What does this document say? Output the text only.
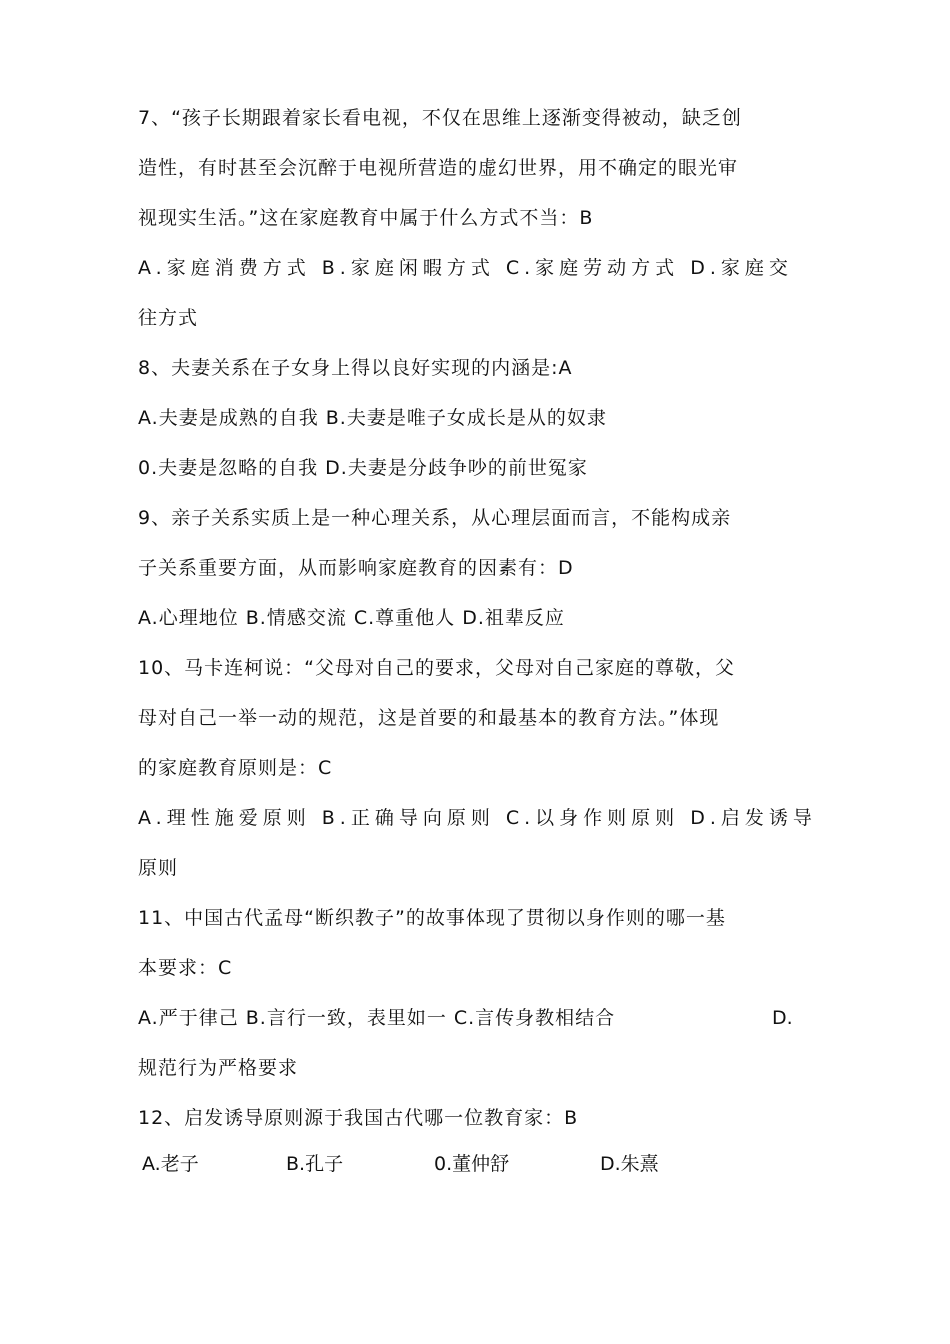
7、“孩子长期跟着家长看电视，不仅在思维上逐渐变得被动，缺乏创
造性，有时甚至会沉醉于电视所营造的虚幻世界，用不确定的眼光审
视现实生活。”这在家庭教育中属于什么方式不当：B
A.家庭消费方式 B.家庭闲暇方式 C.家庭劳动方式 D.家庭交
往方式
8、夫妻关系在子女身上得以良好实现的内涵是:A
A.夫妻是成熟的自我 B.夫妻是唯子女成长是从的奴隶
0.夫妻是忽略的自我 D.夫妻是分歧争吵的前世冤家
9、亲子关系实质上是一种心理关系，从心理层面而言，不能构成亲
子关系重要方面，从而影响家庭教育的因素有：D
A.心理地位 B.情感交流 C.尊重他人 D.祖辈反应
10、马卡连柯说：“父母对自己的要求，父母对自己家庭的尊敬，父
母对自己一举一动的规范，这是首要的和最基本的教育方法。”体现
的家庭教育原则是：C
A.理性施爱原则 B.正确导向原则 C.以身作则原则 D.启发诱导
原则
11、中国古代孟母“断织教子”的故事体现了贯彻以身作则的哪一基
本要求：C
A.严于律己 B.言行一致，表里如一 C.言传身教相结合	D.
规范行为严格要求
12、启发诱导原则源于我国古代哪一位教育家：B
A.老子	B.孔子	0.董仲舒	D.朱熹
